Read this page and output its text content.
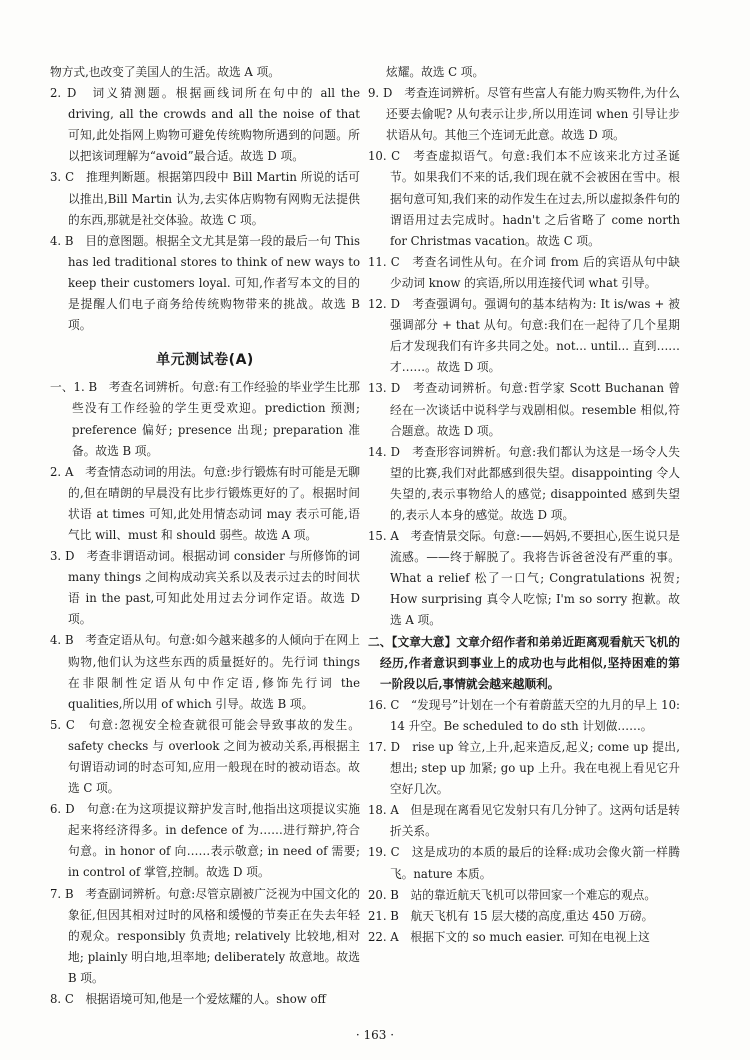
物方式,也改变了美国人的生活。故选 A 项。

2. D　词义猜测题。根据画线词所在句中的 all the driving, all the crowds and all the noise of that 可知,此处指网上购物可避免传统购物所遇到的问题。所以把该词理解为“avoid”最合适。故选 D 项。

3. C　推理判断题。根据第四段中 Bill Martin 所说的话可以推出,Bill Martin 认为,去实体店购物有网购无法提供的东西,那就是社交体验。故选 C 项。

4. B　目的意图题。根据全文尤其是第一段的最后一句 This has led traditional stores to think of new ways to keep their customers loyal. 可知,作者写本文的目的是提醒人们电子商务给传统购物带来的挑战。故选 B 项。

单元测试卷(A)

一、1. B　考查名词辨析。句意:有工作经验的毕业学生比那些没有工作经验的学生更受欢迎。prediction 预测; preference 偏好; presence 出现; preparation 准备。故选 B 项。

2. A　考查情态动词的用法。句意:步行锻炼有时可能是无聊的,但在晴朗的早晨没有比步行锻炼更好的了。根据时间状语 at times 可知,此处用情态动词 may 表示可能,语气比 will、must 和 should 弱些。故选 A 项。

3. D　考查非谓语动词。根据动词 consider 与所修饰的词 many things 之间构成动宾关系以及表示过去的时间状语 in the past,可知此处用过去分词作定语。故选 D 项。

4. B　考查定语从句。句意:如今越来越多的人倾向于在网上购物,他们认为这些东西的质量挺好的。先行词 things 在非限制性定语从句中作定语,修饰先行词 the qualities,所以用 of which 引导。故选 B 项。

5. C　句意:忽视安全检查就很可能会导致事故的发生。safety checks 与 overlook 之间为被动关系,再根据主句谓语动词的时态可知,应用一般现在时的被动语态。故选 C 项。

6. D　句意:在为这项提议辩护发言时,他指出这项提议实施起来将经济得多。in defence of 为……进行辩护,符合句意。in honor of 向……表示敬意; in need of 需要; in control of 掌管,控制。故选 D 项。

7. B　考查副词辨析。句意:尽管京剧被广泛视为中国文化的象征,但因其相对过时的风格和缓慢的节奏正在失去年轻的观众。responsibly 负责地; relatively 比较地,相对地; plainly 明白地,坦率地; deliberately 故意地。故选 B 项。

8. C　根据语境可知,他是一个爱炫耀的人。show off

炫耀。故选 C 项。

9. D　考查连词辨析。尽管有些富人有能力购买物件,为什么还要去偷呢? 从句表示让步,所以用连词 when 引导让步状语从句。其他三个连词无此意。故选 D 项。

10. C　考查虚拟语气。句意:我们本不应该来北方过圣诞节。如果我们不来的话,我们现在就不会被困在雪中。根据句意可知,我们来的动作发生在过去,所以虚拟条件句的谓语用过去完成时。hadn't 之后省略了 come north for Christmas vacation。故选 C 项。

11. C　考查名词性从句。在介词 from 后的宾语从句中缺少动词 know 的宾语,所以用连接代词 what 引导。

12. D　考查强调句。强调句的基本结构为: It is/was + 被强调部分 + that 从句。句意:我们在一起待了几个星期后才发现我们有许多共同之处。not... until... 直到……才……。故选 D 项。

13. D　考查动词辨析。句意:哲学家 Scott Buchanan 曾经在一次谈话中说科学与戏剧相似。resemble 相似,符合题意。故选 D 项。

14. D　考查形容词辨析。句意:我们都认为这是一场令人失望的比赛,我们对此都感到很失望。disappointing 令人失望的,表示事物给人的感觉; disappointed 感到失望的,表示人本身的感觉。故选 D 项。

15. A　考查情景交际。句意:——妈妈,不要担心,医生说只是流感。——终于解脱了。我将告诉爸爸没有严重的事。What a relief 松了一口气; Congratulations 祝贺; How surprising 真令人吃惊; I'm so sorry 抱歉。故选 A 项。

二、【文章大意】文章介绍作者和弟弟近距离观看航天飞机的经历,作者意识到事业上的成功也与此相似,坚持困难的第一阶段以后,事情就会越来越顺利。

16. C　“发现号”计划在一个有着蔚蓝天空的九月的早上 10: 14 升空。Be scheduled to do sth 计划做……。

17. D　rise up 耸立,上升,起来造反,起义; come up 提出,想出; step up 加紧; go up 上升。我在电视上看见它升空好几次。

18. A　但是现在离看见它发射只有几分钟了。这两句话是转折关系。

19. C　这是成功的本质的最后的诠释:成功会像火箭一样腾飞。nature 本质。

20. B　站的靠近航天飞机可以带回家一个难忘的观点。

21. B　航天飞机有 15 层大楼的高度,重达 450 万磅。

22. A　根据下文的 so much easier. 可知在电视上这

· 163 ·
